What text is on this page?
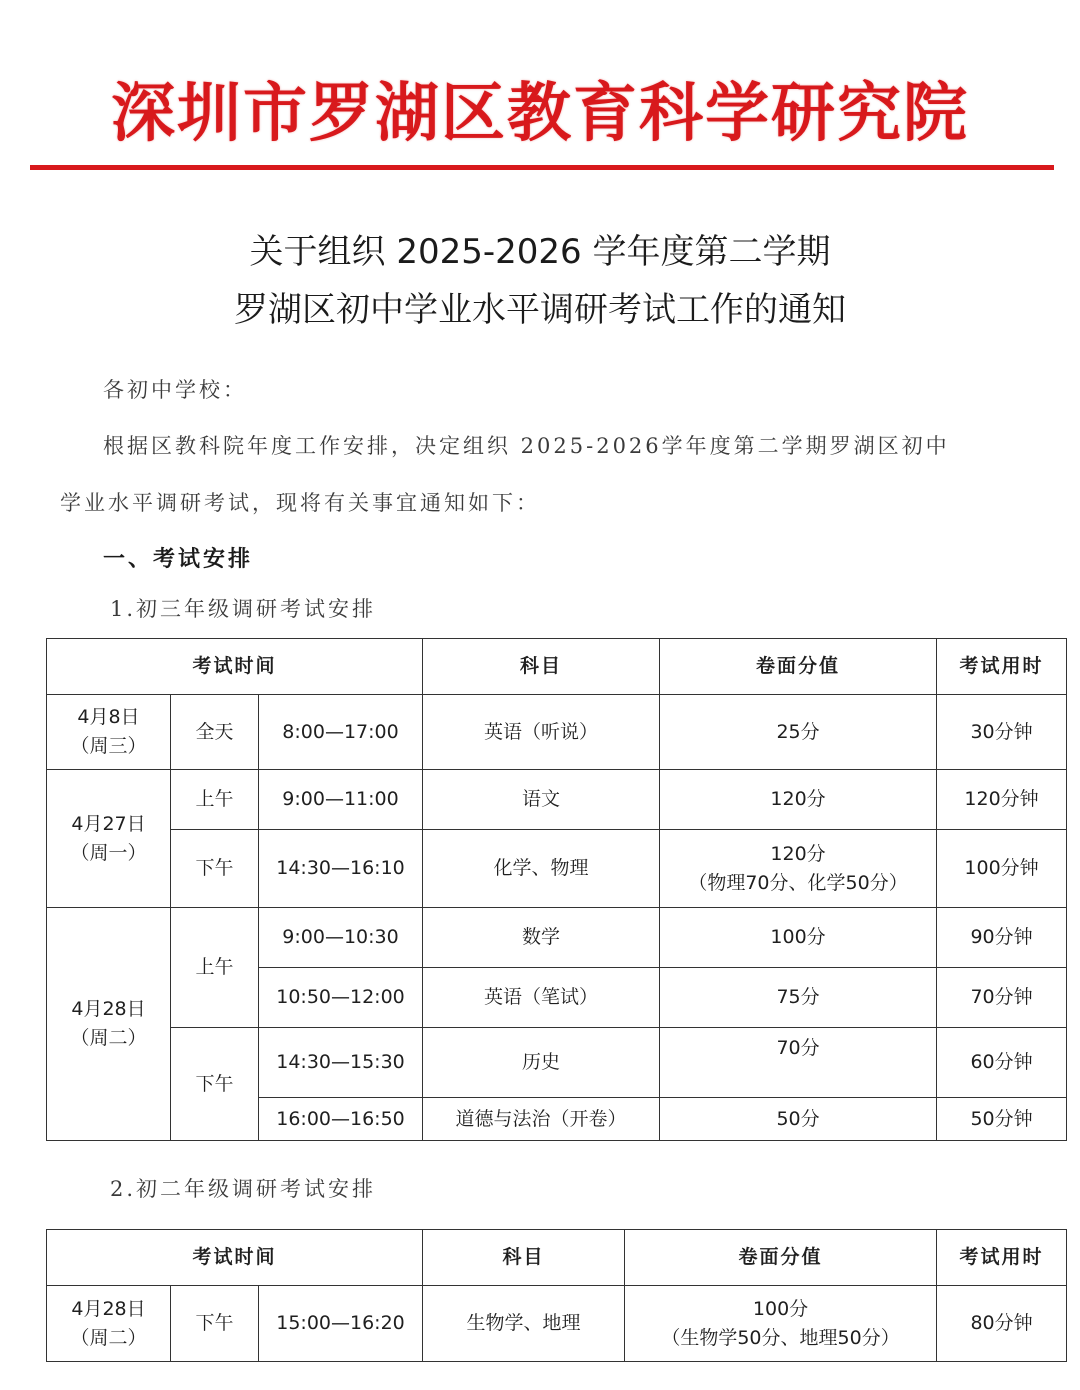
深圳市罗湖区教育科学研究院
关于组织 2025-2026 学年度第二学期
罗湖区初中学业水平调研考试工作的通知
各初中学校：
根据区教科院年度工作安排，决定组织 2025-2026学年度第二学期罗湖区初中
学业水平调研考试，现将有关事宜通知如下：
一、考试安排
1.初三年级调研考试安排
考试时间			科目	卷面分值	考试用时

4月8日
（周三）	全天	8:00—17:00	英语（听说）	25分	30分钟

4月27日
（周一）	上午	9:00—11:00	语文	120分	120分钟
	下午	14:30—16:10	化学、物理	120分
（物理70分、化学50分）	100分钟

4月28日
（周二）	上午	9:00—10:30	数学	100分	90分钟
		10:50—12:00	英语（笔试）	75分	70分钟
	下午	14:30—15:30	历史	70分	60分钟
		16:00—16:50	道德与法治（开卷）	50分	50分钟
2.初二年级调研考试安排
考试时间			科目	卷面分值	考试用时

4月28日
（周二）	下午	15:00—16:20	生物学、地理	100分
（生物学50分、地理50分）	80分钟
